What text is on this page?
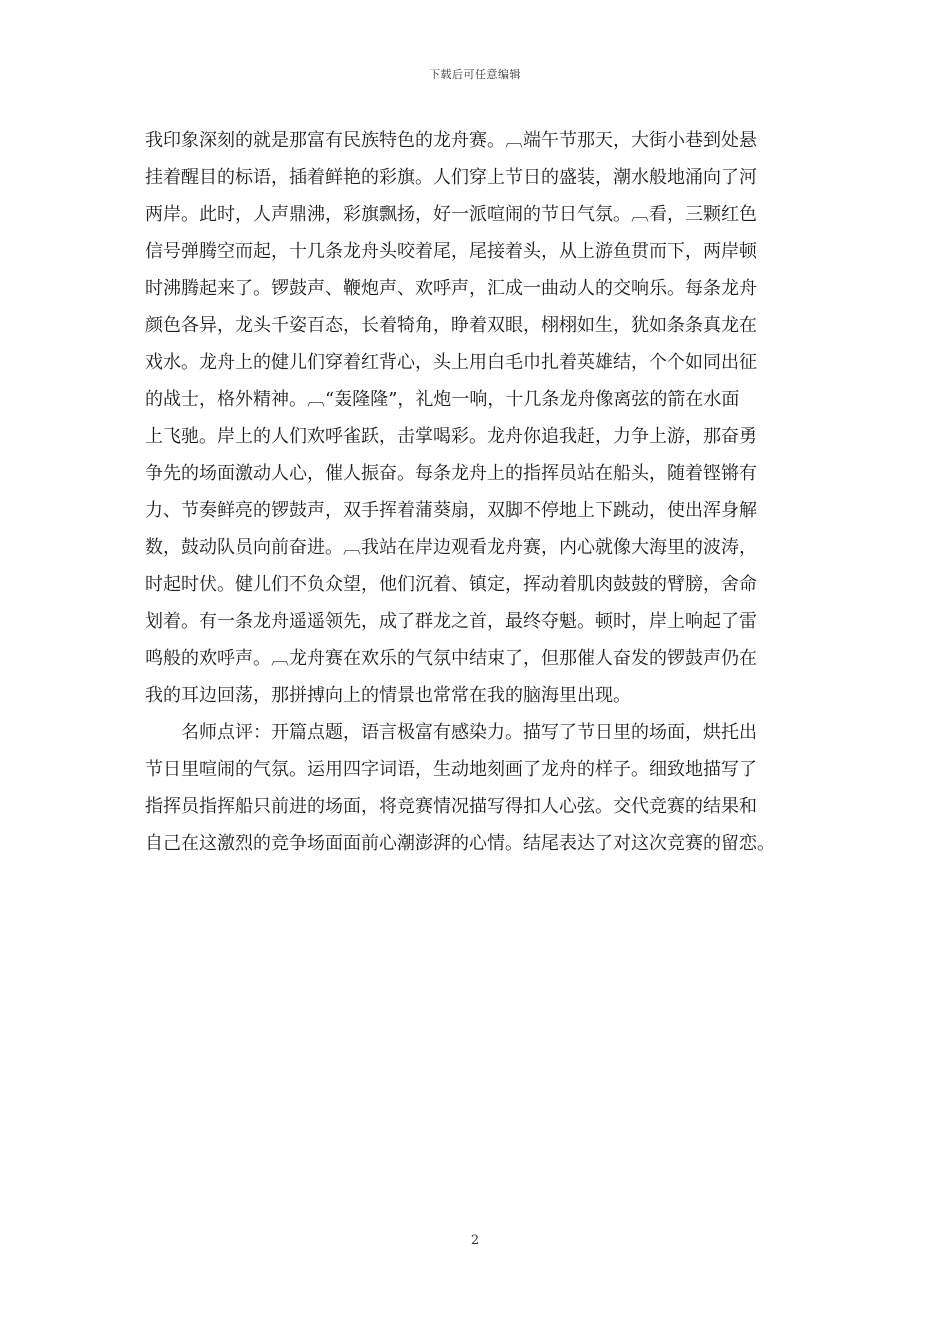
下载后可任意编辑
我印象深刻的就是那富有民族特色的龙舟赛。︹端午节那天，大街小巷到处悬
挂着醒目的标语，插着鲜艳的彩旗。人们穿上节日的盛装，潮水般地涌向了河
两岸。此时，人声鼎沸，彩旗飘扬，好一派喧闹的节日气氛。︹看，三颗红色
信号弹腾空而起，十几条龙舟头咬着尾，尾接着头，从上游鱼贯而下，两岸顿
时沸腾起来了。锣鼓声、鞭炮声、欢呼声，汇成一曲动人的交响乐。每条龙舟
颜色各异，龙头千姿百态，长着犄角，睁着双眼，栩栩如生，犹如条条真龙在
戏水。龙舟上的健儿们穿着红背心，头上用白毛巾扎着英雄结，个个如同出征
的战士，格外精神。︹“轰隆隆”，礼炮一响，十几条龙舟像离弦的箭在水面
上飞驰。岸上的人们欢呼雀跃，击掌喝彩。龙舟你追我赶，力争上游，那奋勇
争先的场面激动人心，催人振奋。每条龙舟上的指挥员站在船头，随着铿锵有
力、节奏鲜亮的锣鼓声，双手挥着蒲葵扇，双脚不停地上下跳动，使出浑身解
数，鼓动队员向前奋进。︹我站在岸边观看龙舟赛，内心就像大海里的波涛，
时起时伏。健儿们不负众望，他们沉着、镇定，挥动着肌肉鼓鼓的臂膀，舍命
划着。有一条龙舟遥遥领先，成了群龙之首，最终夺魁。顿时，岸上响起了雷
鸣般的欢呼声。︹龙舟赛在欢乐的气氛中结束了，但那催人奋发的锣鼓声仍在
我的耳边回荡，那拼搏向上的情景也常常在我的脑海里出现。
　　名师点评：开篇点题，语言极富有感染力。描写了节日里的场面，烘托出
节日里喧闹的气氛。运用四字词语，生动地刻画了龙舟的样子。细致地描写了
指挥员指挥船只前进的场面，将竞赛情况描写得扣人心弦。交代竞赛的结果和
自己在这激烈的竞争场面面前心潮澎湃的心情。结尾表达了对这次竞赛的留恋。
2
